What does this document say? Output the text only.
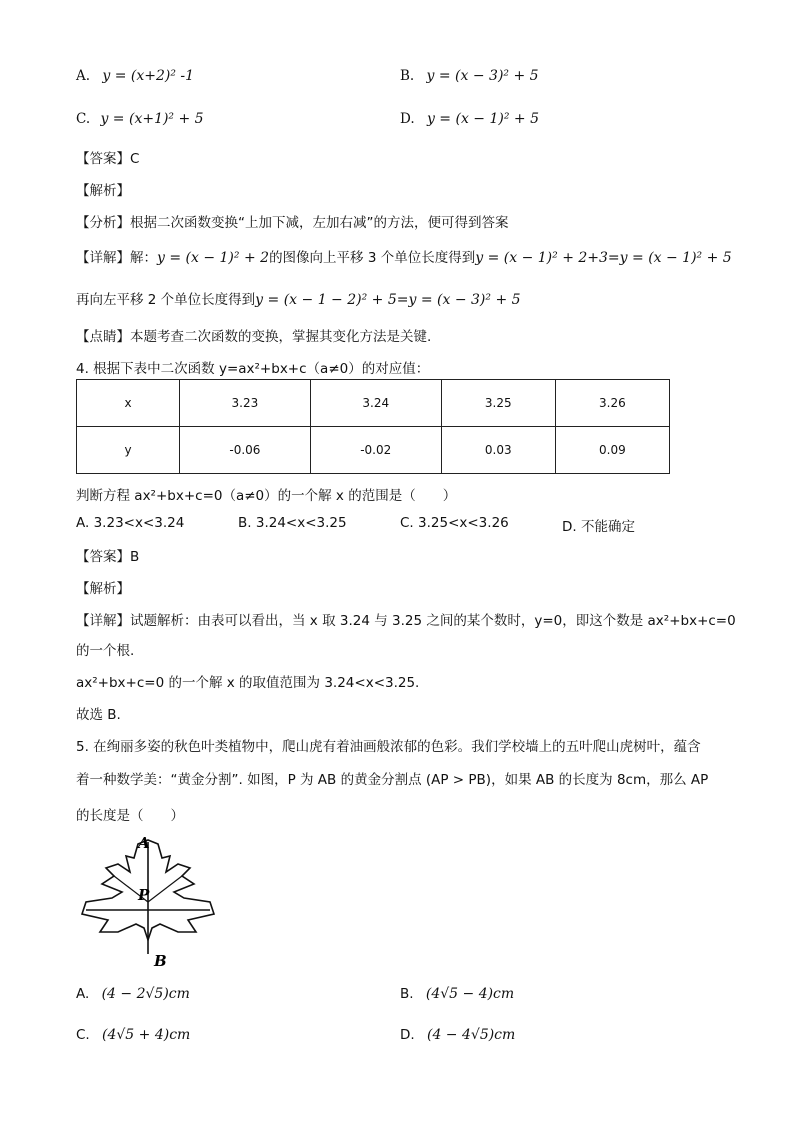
A. y = (x+2)² -1	B. y = (x − 3)² + 5
C. y = (x+1)² + 5	D. y = (x − 1)² + 5
【答案】C
【解析】
【分析】根据二次函数变换“上加下减，左加右减”的方法，便可得到答案
【详解】解：y = (x − 1)² + 2的图像向上平移 3 个单位长度得到y = (x − 1)² + 2+3=y = (x − 1)² + 5
再向左平移 2 个单位长度得到y = (x − 1 − 2)² + 5=y = (x − 3)² + 5
【点睛】本题考查二次函数的变换，掌握其变化方法是关键.
4. 根据下表中二次函数 y=ax²+bx+c（a≠0）的对应值：
x	3.23	3.24	3.25	3.26
y	-0.06	-0.02	0.03	0.09
判断方程 ax²+bx+c=0（a≠0）的一个解 x 的范围是（　　）
A. 3.23<x<3.24	B. 3.24<x<3.25	C. 3.25<x<3.26	D. 不能确定
【答案】B
【解析】
【详解】试题解析：由表可以看出，当 x 取 3.24 与 3.25 之间的某个数时，y=0，即这个数是 ax²+bx+c=0
的一个根.
ax²+bx+c=0 的一个解 x 的取值范围为 3.24<x<3.25.
故选 B.
5. 在绚丽多姿的秋色叶类植物中，爬山虎有着油画般浓郁的色彩。我们学校墙上的五叶爬山虎树叶，蕴含
着一种数学美：“黄金分割”. 如图，P 为 AB 的黄金分割点 (AP > PB)，如果 AB 的长度为 8cm，那么 AP
的长度是（　　）
A
P
B
A. (4 − 2√5)cm	B. (4√5 − 4)cm
C. (4√5 + 4)cm	D. (4 − 4√5)cm
